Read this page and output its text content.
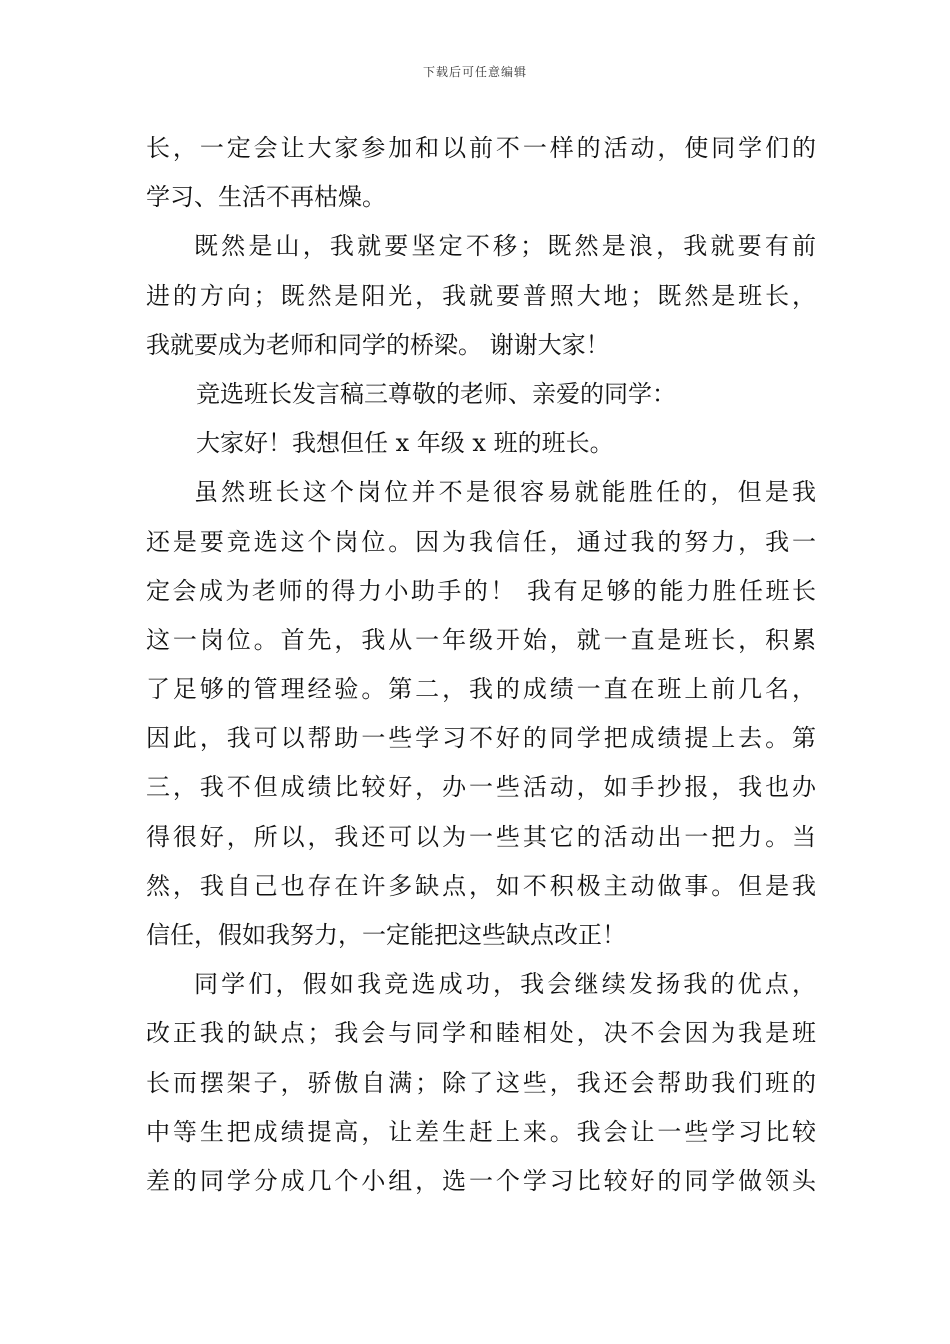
下载后可任意编辑
长，一定会让大家参加和以前不一样的活动，使同学们的
学习、生活不再枯燥。
既然是山，我就要坚定不移；既然是浪，我就要有前
进的方向；既然是阳光，我就要普照大地；既然是班长，
我就要成为老师和同学的桥梁。 谢谢大家！
竞选班长发言稿三尊敬的老师、亲爱的同学：
大家好！我想但任 x 年级 x 班的班长。
虽然班长这个岗位并不是很容易就能胜任的，但是我
还是要竞选这个岗位。因为我信任，通过我的努力，我一
定会成为老师的得力小助手的！ 我有足够的能力胜任班长
这一岗位。首先，我从一年级开始，就一直是班长，积累
了足够的管理经验。第二，我的成绩一直在班上前几名，
因此，我可以帮助一些学习不好的同学把成绩提上去。第
三，我不但成绩比较好，办一些活动，如手抄报，我也办
得很好，所以，我还可以为一些其它的活动出一把力。当
然，我自己也存在许多缺点，如不积极主动做事。但是我
信任，假如我努力，一定能把这些缺点改正！
同学们，假如我竞选成功，我会继续发扬我的优点，
改正我的缺点；我会与同学和睦相处，决不会因为我是班
长而摆架子，骄傲自满；除了这些，我还会帮助我们班的
中等生把成绩提高，让差生赶上来。我会让一些学习比较
差的同学分成几个小组，选一个学习比较好的同学做领头
